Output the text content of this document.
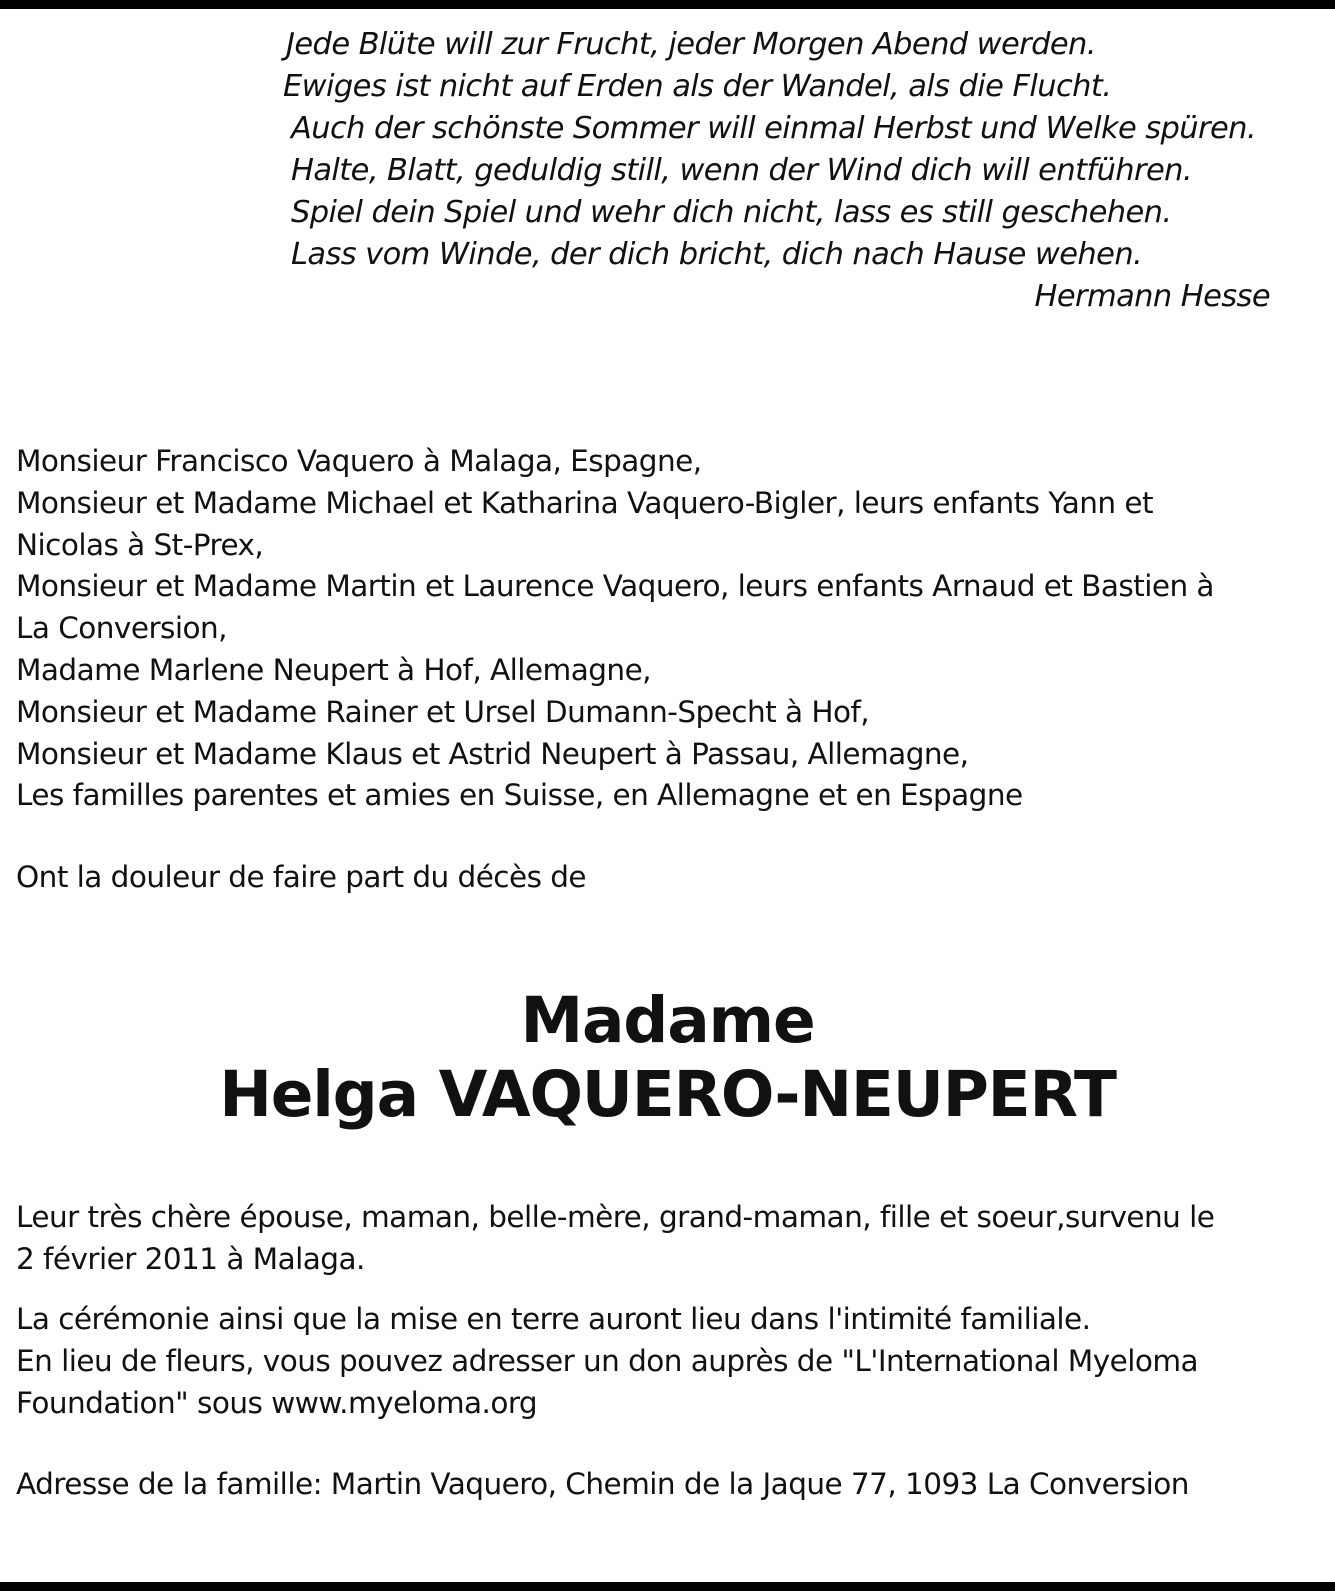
Jede Blüte will zur Frucht, jeder Morgen Abend werden.
Ewiges ist nicht auf Erden als der Wandel, als die Flucht.
Auch der schönste Sommer will einmal Herbst und Welke spüren.
Halte, Blatt, geduldig still, wenn der Wind dich will entführen.
Spiel dein Spiel und wehr dich nicht, lass es still geschehen.
Lass vom Winde, der dich bricht, dich nach Hause wehen.
Hermann Hesse
Monsieur Francisco Vaquero à Malaga, Espagne,
Monsieur et Madame Michael et Katharina Vaquero-Bigler, leurs enfants Yann et
Nicolas à St-Prex,
Monsieur et Madame Martin et Laurence Vaquero, leurs enfants Arnaud et Bastien à
La Conversion,
Madame Marlene Neupert à Hof, Allemagne,
Monsieur et Madame Rainer et Ursel Dumann-Specht à Hof,
Monsieur et Madame Klaus et Astrid Neupert à Passau, Allemagne,
Les familles parentes et amies en Suisse, en Allemagne et en Espagne
Ont la douleur de faire part du décès de
Madame
Helga VAQUERO-NEUPERT
Leur très chère épouse, maman, belle-mère, grand-maman, fille et soeur,survenu le
2 février 2011 à Malaga.
La cérémonie ainsi que la mise en terre auront lieu dans l'intimité familiale.
En lieu de fleurs, vous pouvez adresser un don auprès de "L'International Myeloma
Foundation" sous www.myeloma.org
Adresse de la famille: Martin Vaquero, Chemin de la Jaque 77, 1093 La Conversion
